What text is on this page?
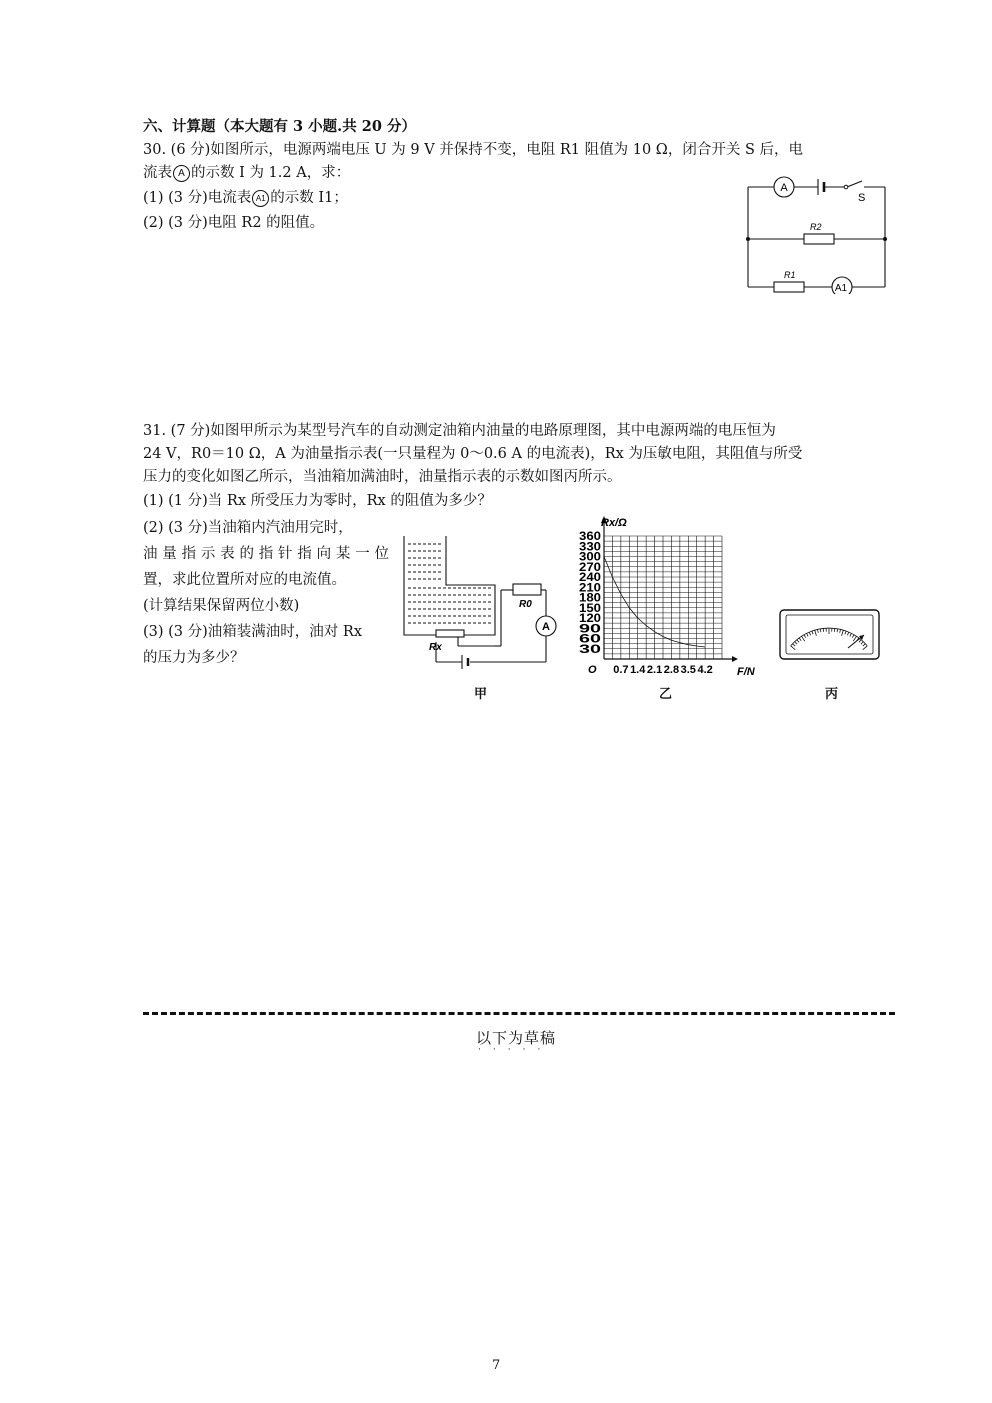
六、计算题（本大题有 3 小题.共 20 分）
30. (6 分)如图所示，电源两端电压 U 为 9 V 并保持不变，电阻 R1 阻值为 10 Ω，闭合开关 S 后，电
流表 A 的示数 I 为 1.2 A，求：
(1) (3 分)电流表 A1 的示数 I1；
(2) (3 分)电阻 R2 的阻值。
A
A1
S
R2
R1
31. (7 分)如图甲所示为某型号汽车的自动测定油箱内油量的电路原理图，其中电源两端的电压恒为
24 V，R0＝10 Ω，A 为油量指示表(一只量程为 0～0.6 A 的电流表)，Rx 为压敏电阻，其阻值与所受
压力的变化如图乙所示，当油箱加满油时，油量指示表的示数如图丙所示。
(1) (1 分)当 Rx 所受压力为零时，Rx 的阻值为多少？
(2) (3 分)当油箱内汽油用完时，
油量指示表的指针指向某一位
置，求此位置所对应的电流值。
(计算结果保留两位小数)
(3) (3 分)油箱装满油时，油对 Rx
的压力为多少？
A
R0
Rx
甲
30
60
90
120
150
180
210
240
270
300
330
360
0.7 1.4 2.1 2.8 3.5 4.2
Rx/Ω
F/N
O
乙	丙
以下为草稿
·····
7
